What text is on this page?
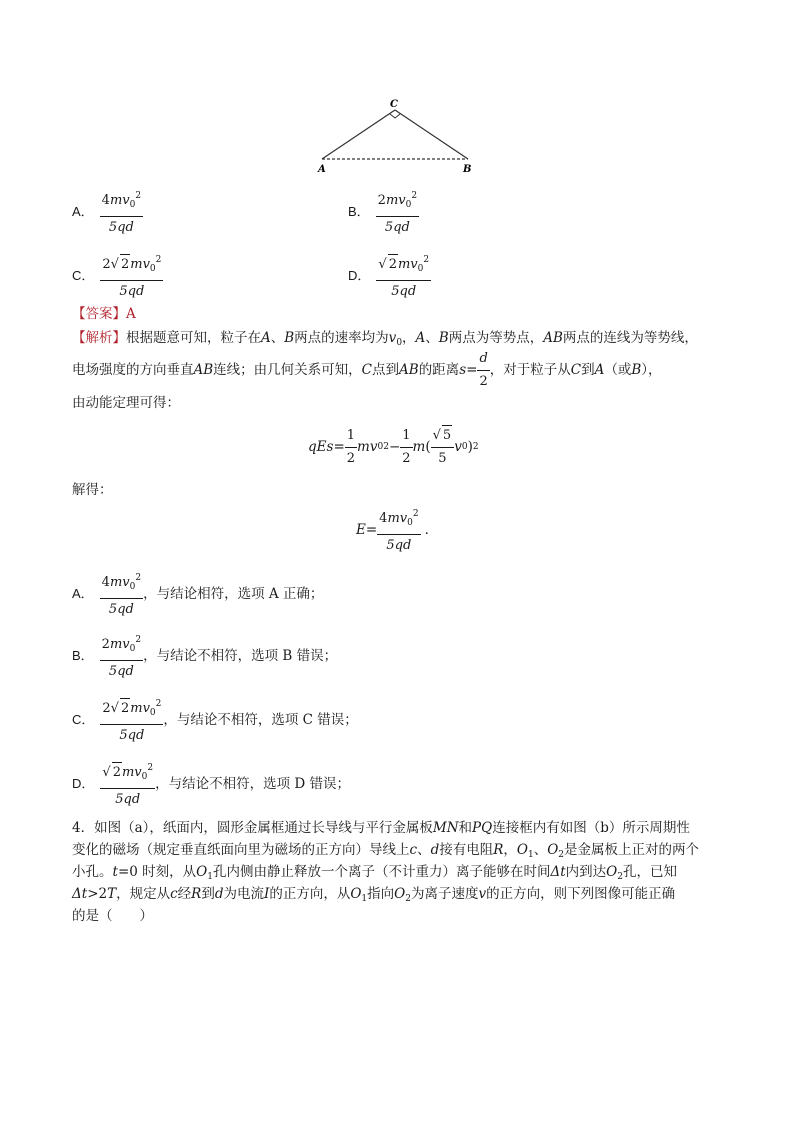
C
A	B
A． $\frac{4mv_0^2}{5qd}$	B． $\frac{2mv_0^2}{5qd}$
C． $\frac{2√ 2mv_0^2}{5qd}$	D． $\frac{√ 2mv_0^2}{5qd}$
【答案】A
【解析】根据题意可知，粒子在A、B两点的速率均为$v_0$，A、B两点为等势点，AB两点的连线为等势线，
电场强度的方向垂直 AB 连线；由几何关系可知， C 点到 AB 的距离 $s = \frac{d}{2}$ ，对于粒子从 C 到 A （或 B ），
由动能定理可得：
qEs = $\frac{1}{2}$ mv 0 $2 - \frac{1}{2}$ m ( $\frac{√ 5}{5}$ v 0 ) 2
解得：
$E = \frac{4mv_0^2}{5qd}$ ．
A． $\frac{4mv_0^2}{5qd}$ ，与结论相符，选项 A 正确；
B． $\frac{2mv_0^2}{5qd}$ ，与结论不相符，选项 B 错误；
C． $\frac{2√ 2mv_0^2}{5qd}$ ，与结论不相符，选项 C 错误；
D． $\frac{√ 2mv_0^2}{5qd}$ ，与结论不相符，选项 D 错误；
4．如图（a），纸面内，圆形金属框通过长导线与平行金属板MN和PQ连接框内有如图（b）所示周期性
变化的磁场（规定垂直纸面向里为磁场的正方向）导线上c、d接有电阻R，$O_1$、$O_2$是金属板上正对的两个
小孔。t=0 时刻，从$O_1$孔内侧由静止释放一个离子（不计重力）离子能够在时间Δt内到达$O_2$孔，已知
Δt>2T，规定从c经R到d为电流I的正方向，从$O_1$指向$O_2$为离子速度v的正方向，则下列图像可能正确
的是（　　）
